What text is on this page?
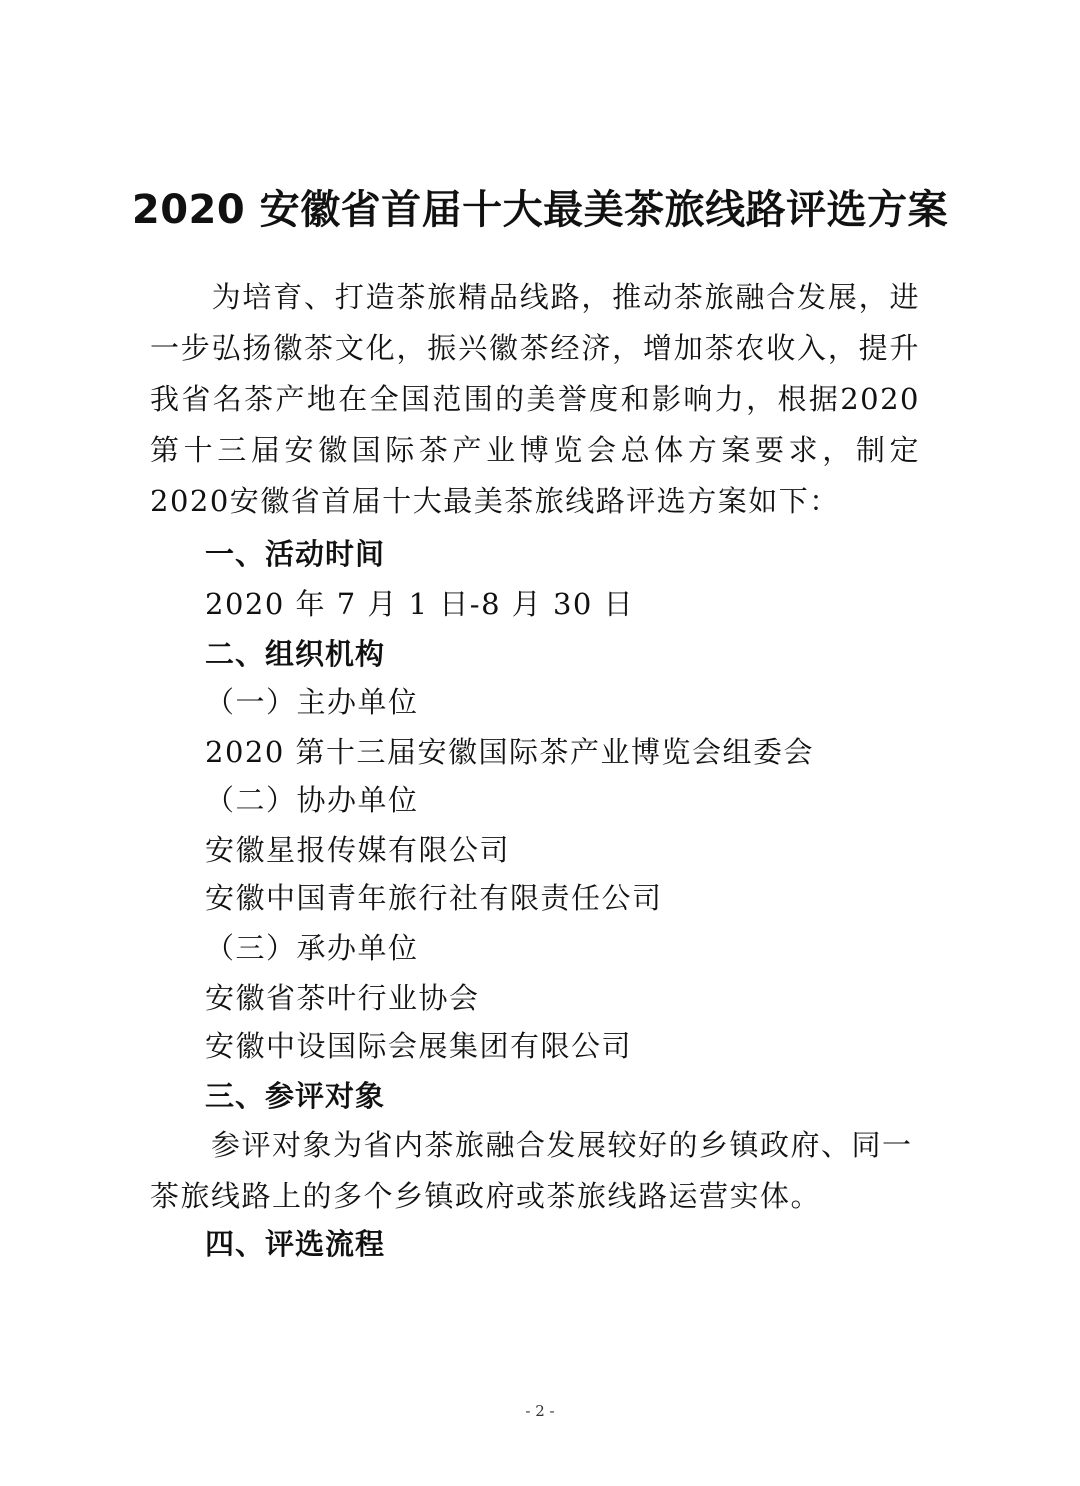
2020 安徽省首届十大最美茶旅线路评选方案
　　为培育、打造茶旅精品线路，推动茶旅融合发展，进一步弘扬徽茶文化，振兴徽茶经济，增加茶农收入，提升我省名茶产地在全国范围的美誉度和影响力，根据2020第十三届安徽国际茶产业博览会总体方案要求，制定2020安徽省首届十大最美茶旅线路评选方案如下：
一、活动时间
2020 年 7 月 1 日-8 月 30 日
二、组织机构
（一）主办单位
2020 第十三届安徽国际茶产业博览会组委会
（二）协办单位
安徽星报传媒有限公司
安徽中国青年旅行社有限责任公司
（三）承办单位
安徽省茶叶行业协会
安徽中设国际会展集团有限公司
三、参评对象
　　参评对象为省内茶旅融合发展较好的乡镇政府、同一茶旅线路上的多个乡镇政府或茶旅线路运营实体。
四、评选流程
- 2 -
